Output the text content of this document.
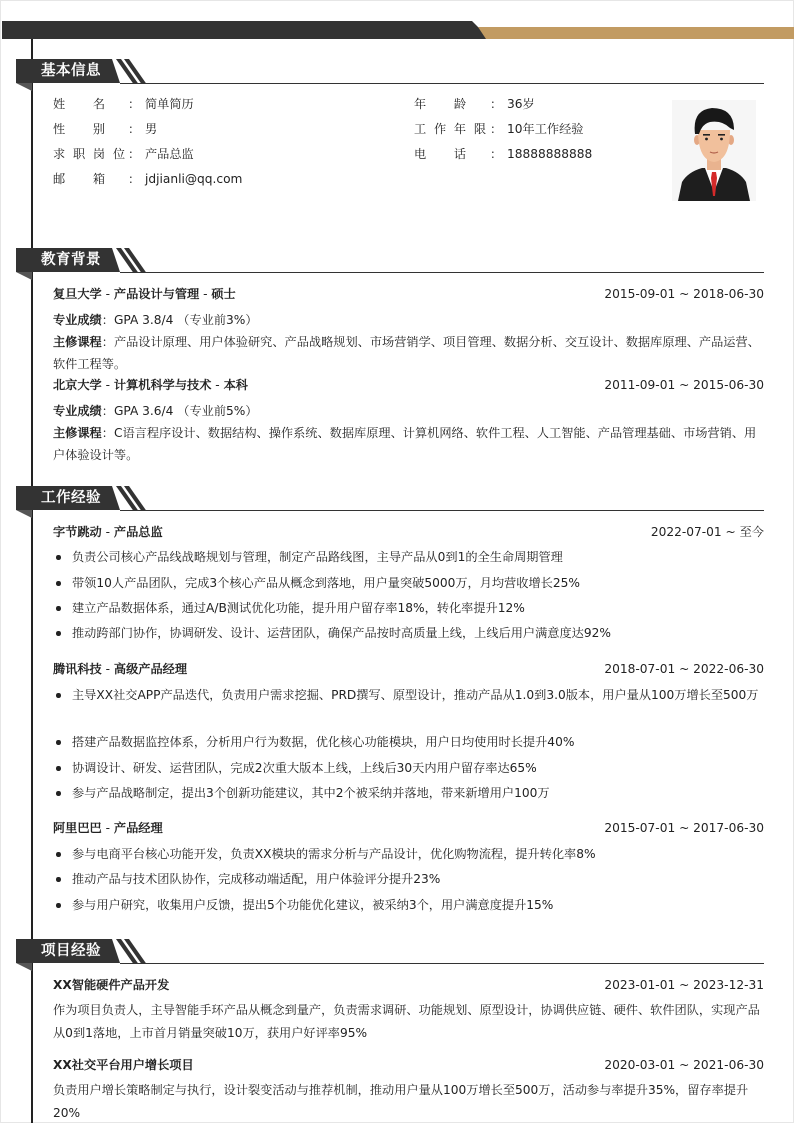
基本信息
姓 名 ： 简单简历
性 别 ： 男
求 职 岗 位 ： 产品总监
邮 箱 ： jdjianli@qq.com
年 龄 ： 36岁
工 作 年 限 ： 10年工作经验
电 话 ： 18888888888
教育背景
复旦大学 - 产品设计与管理 - 硕士	2015-09-01 ~ 2018-06-30
专业成绩：GPA 3.8/4 （专业前3%）
主修课程：产品设计原理、用户体验研究、产品战略规划、市场营销学、项目管理、数据分析、交互设计、数据库原理、产品运营、软件工程等。
北京大学 - 计算机科学与技术 - 本科	2011-09-01 ~ 2015-06-30
专业成绩：GPA 3.6/4 （专业前5%）
主修课程：C语言程序设计、数据结构、操作系统、数据库原理、计算机网络、软件工程、人工智能、产品管理基础、市场营销、用户体验设计等。
工作经验
字节跳动 - 产品总监	2022-07-01 ~ 至今
负责公司核心产品线战略规划与管理，制定产品路线图，主导产品从0到1的全生命周期管理
带领10人产品团队，完成3个核心产品从概念到落地，用户量突破5000万，月均营收增长25%
建立产品数据体系，通过A/B测试优化功能，提升用户留存率18%，转化率提升12%
推动跨部门协作，协调研发、设计、运营团队，确保产品按时高质量上线，上线后用户满意度达92%
腾讯科技 - 高级产品经理	2018-07-01 ~ 2022-06-30
主导XX社交APP产品迭代，负责用户需求挖掘、PRD撰写、原型设计，推动产品从1.0到3.0版本，用户量从100万增长至500万
搭建产品数据监控体系，分析用户行为数据，优化核心功能模块，用户日均使用时长提升40%
协调设计、研发、运营团队，完成2次重大版本上线，上线后30天内用户留存率达65%
参与产品战略制定，提出3个创新功能建议，其中2个被采纳并落地，带来新增用户100万
阿里巴巴 - 产品经理	2015-07-01 ~ 2017-06-30
参与电商平台核心功能开发，负责XX模块的需求分析与产品设计，优化购物流程，提升转化率8%
推动产品与技术团队协作，完成移动端适配，用户体验评分提升23%
参与用户研究，收集用户反馈，提出5个功能优化建议，被采纳3个，用户满意度提升15%
项目经验
XX智能硬件产品开发	2023-01-01 ~ 2023-12-31
作为项目负责人，主导智能手环产品从概念到量产，负责需求调研、功能规划、原型设计，协调供应链、硬件、软件团队，实现产品从0到1落地，上市首月销量突破10万，获用户好评率95%
XX社交平台用户增长项目	2020-03-01 ~ 2021-06-30
负责用户增长策略制定与执行，设计裂变活动与推荐机制，推动用户量从100万增长至500万，活动参与率提升35%，留存率提升20%
